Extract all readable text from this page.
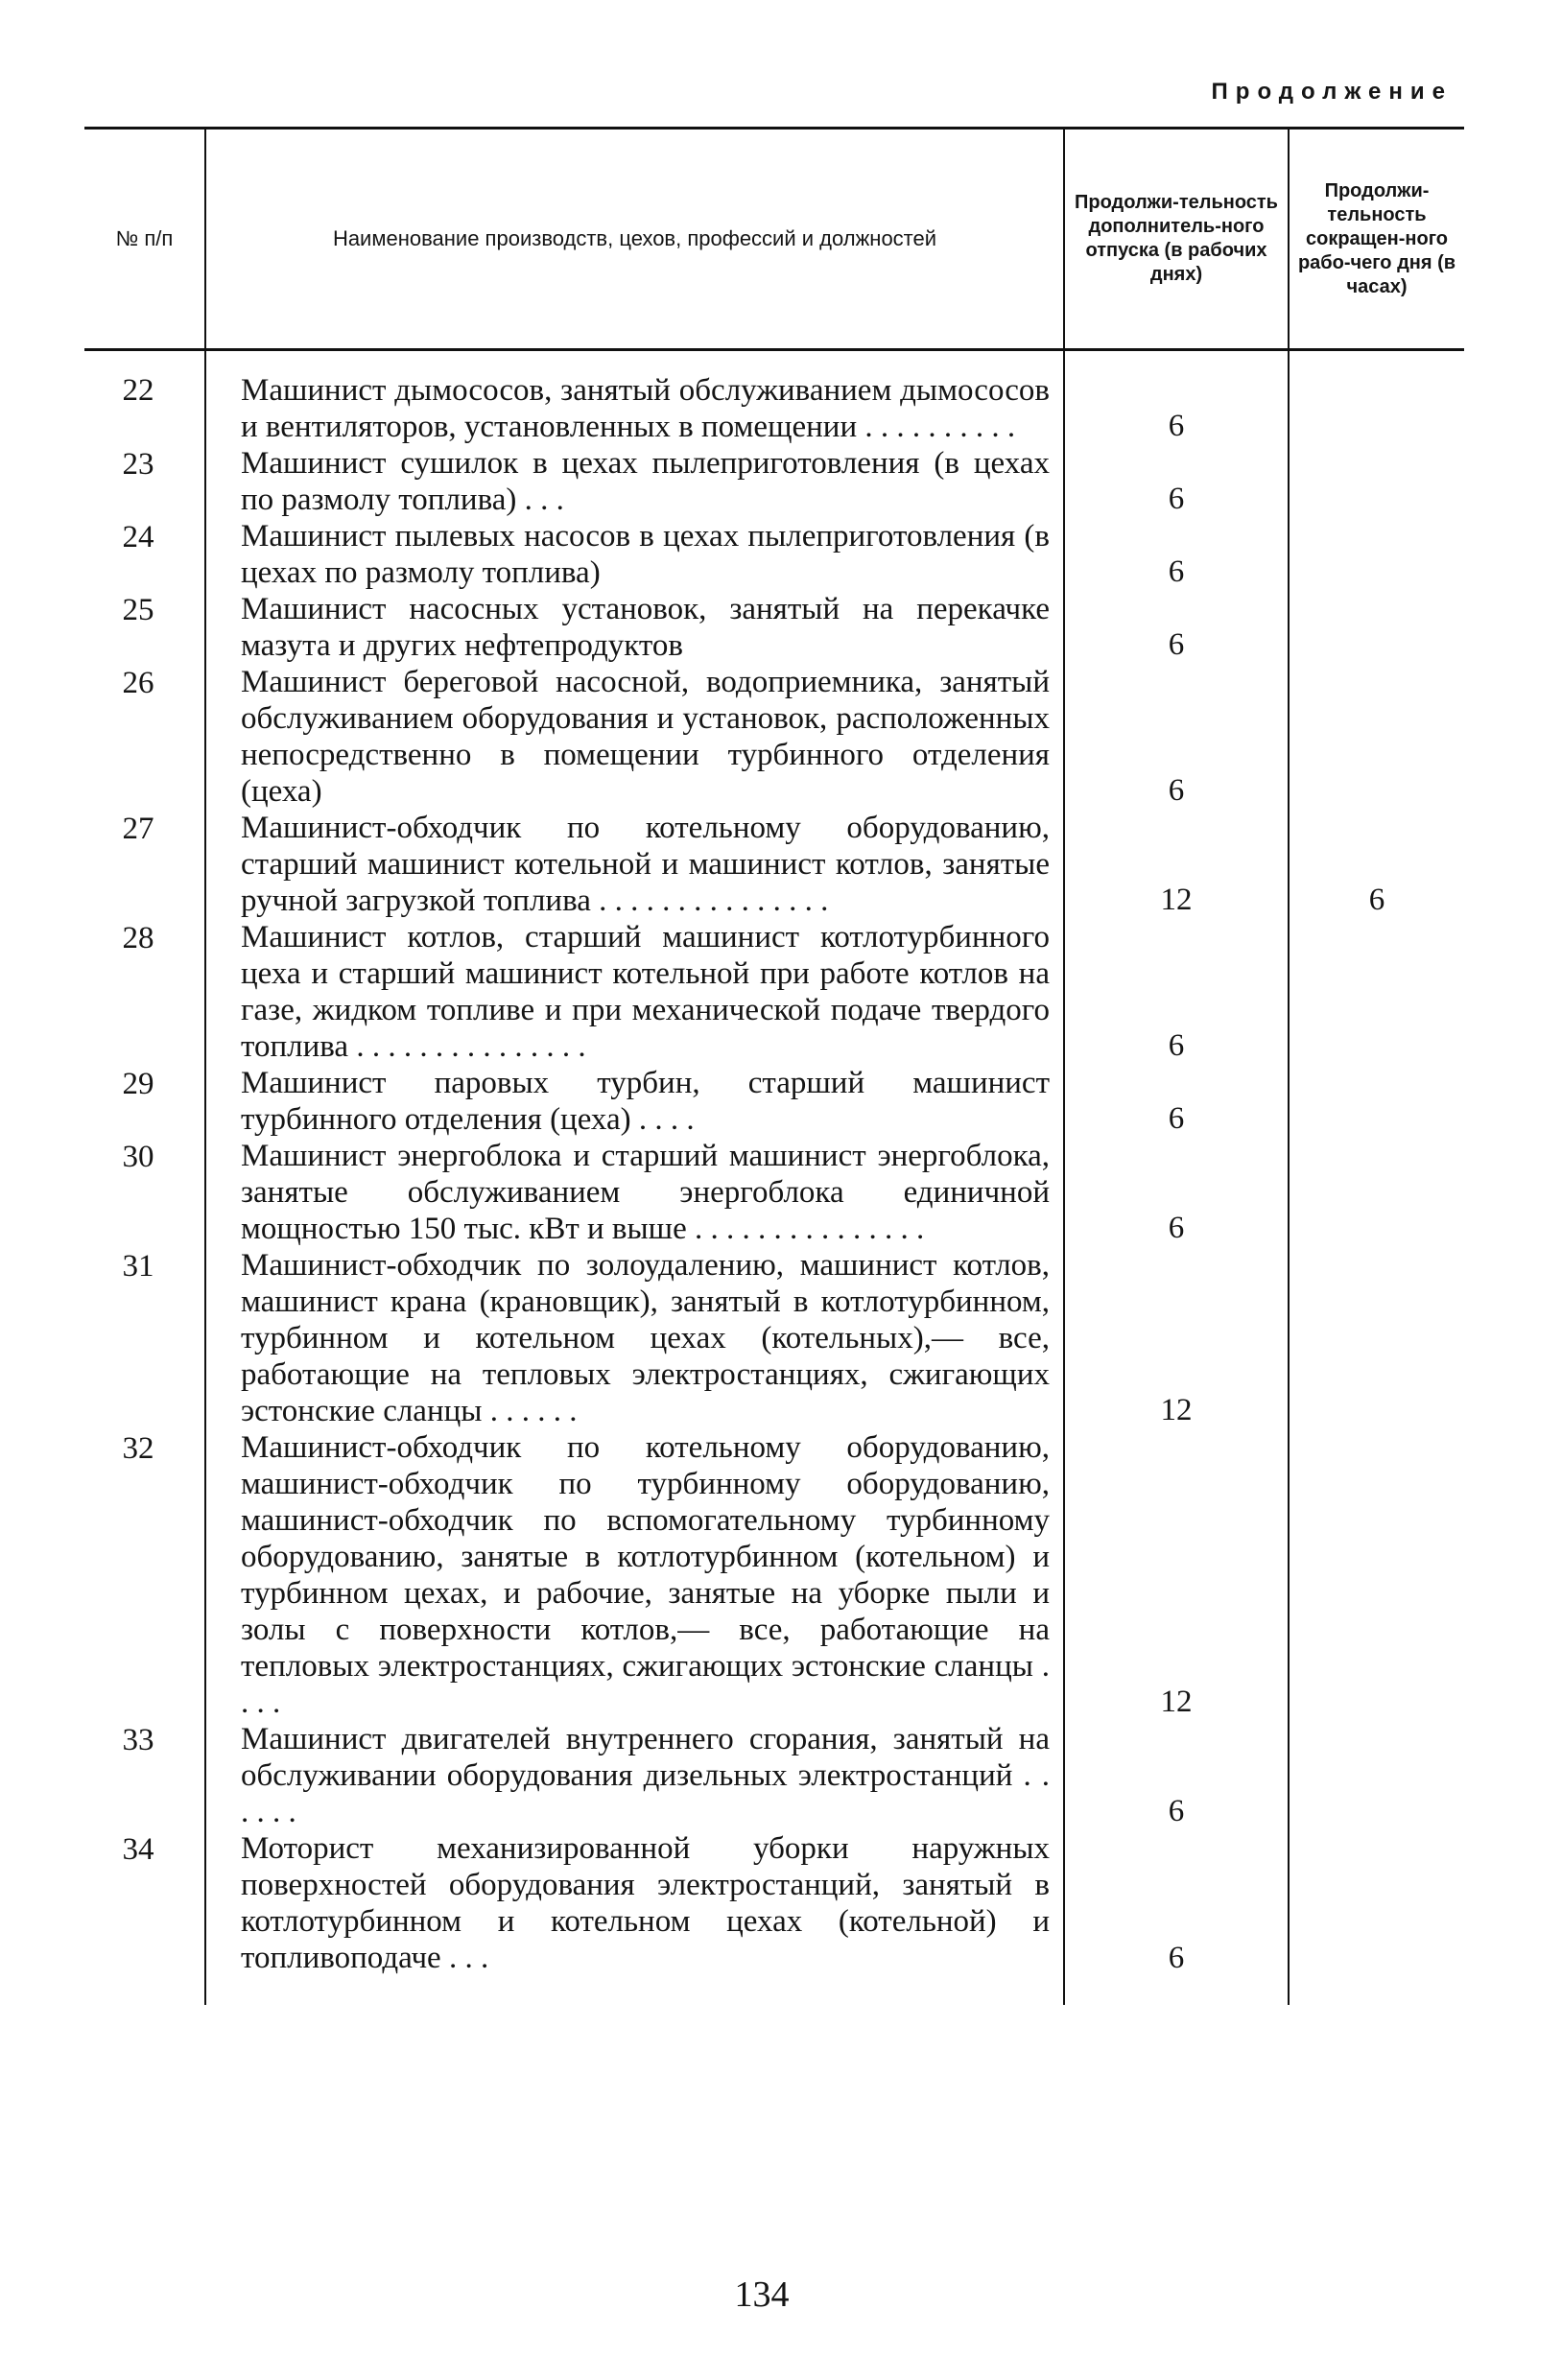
Продолжение
№ п/п	Наименование производств, цехов, профессий и должностей	Продолжи-тельность дополнитель-ного отпуска (в рабочих днях)	Продолжи-тельность сокращен-ного рабо-чего дня (в часах)
22	Машинист дымососов, занятый обслуживанием дымососов и вентиляторов, установленных в помещении . . . . . . . . . .	6	
23	Машинист сушилок в цехах пылеприготовления (в цехах по размолу топлива) . . .	6	
24	Машинист пылевых насосов в цехах пылеприготовления (в цехах по размолу топлива)	6	
25	Машинист насосных установок, занятый на перекачке мазута и других нефтепродуктов	6	
26	Машинист береговой насосной, водоприемника, занятый обслуживанием оборудования и установок, расположенных непосредственно в помещении турбинного отделения (цеха)	6	
27	Машинист-обходчик по котельному оборудованию, старший машинист котельной и машинист котлов, занятые ручной загрузкой топлива . . . . . . . . . . . . . . .	12	6
28	Машинист котлов, старший машинист котлотурбинного цеха и старший машинист котельной при работе котлов на газе, жидком топливе и при механической подаче твердого топлива . . . . . . . . . . . . . . .	6	
29	Машинист паровых турбин, старший машинист турбинного отделения (цеха) . . . .	6	
30	Машинист энергоблока и старший машинист энергоблока, занятые обслуживанием энергоблока единичной мощностью 150 тыс. кВт и выше . . . . . . . . . . . . . . .	6	
31	Машинист-обходчик по золоудалению, машинист котлов, машинист крана (крановщик), занятый в котлотурбинном, турбинном и котельном цехах (котельных),— все, работающие на тепловых электростанциях, сжигающих эстонские сланцы . . . . . .	12	
32	Машинист-обходчик по котельному оборудованию, машинист-обходчик по турбинному оборудованию, машинист-обходчик по вспомогательному турбинному оборудованию, занятые в котлотурбинном (котельном) и турбинном цехах, и рабочие, занятые на уборке пыли и золы с поверхности котлов,— все, работающие на тепловых электростанциях, сжигающих эстонские сланцы . . . .	12	
33	Машинист двигателей внутреннего сгорания, занятый на обслуживании оборудования дизельных электростанций . . . . . .	6	
34	Моторист механизированной уборки наружных поверхностей оборудования электростанций, занятый в котлотурбинном и котельном цехах (котельной) и топливоподаче . . .	6	
134
